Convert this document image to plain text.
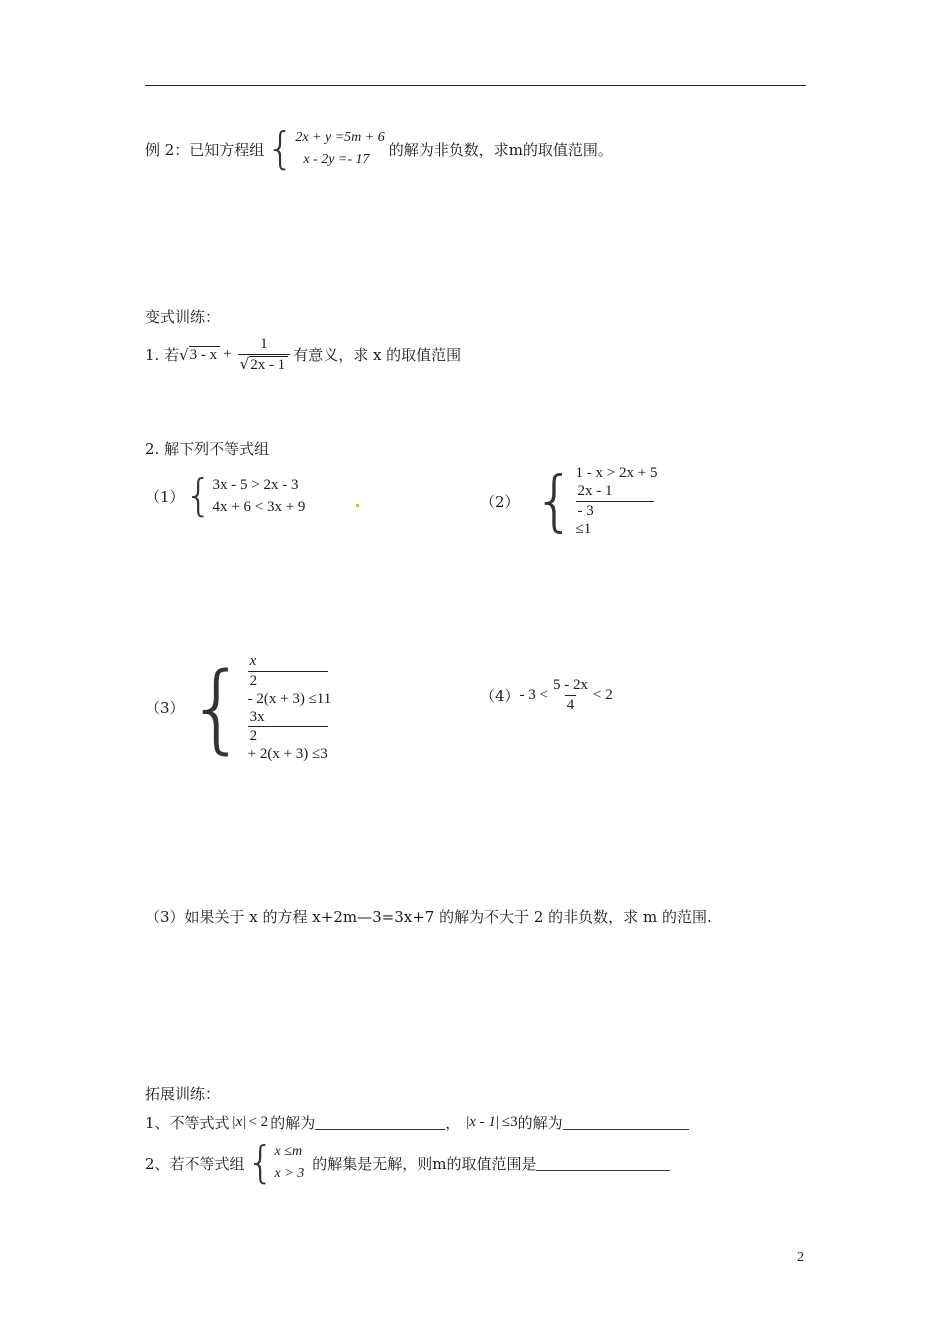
例 2：已知方程组 { 2x + y =5m + 6
x - 2y =- 17
的解为非负数，求m的取值范围。
变式训练：
1. 若 √ $3 - x + \frac{1}{√2x - 1}$ 有意义，求 x 的取值范围
2. 解下列不等式组
（1） { 3x - 5 > 2x - 3
4x + 6 < 3x + 9	（2） { 1 - x > 2x + 5
2x - 1
- 3
≤1
（3） { x
2
- 2(x + 3) ≤11
3x
2
+ 2(x + 3) ≤3
$(4) - 3 < \frac{5 - 2x}{4} < 2$
（3）如果关于 x 的方程 x+2m—3=3x+7 的解为不大于 2 的非负数，求 m 的范围.
拓展训练：
1、不等式式 |x| < 2 的解为	， |x - 1| ≤3 的解为
2、若不等式组 { x ≤m
x > 3
的解集是无解，则m的取值范围是
2
